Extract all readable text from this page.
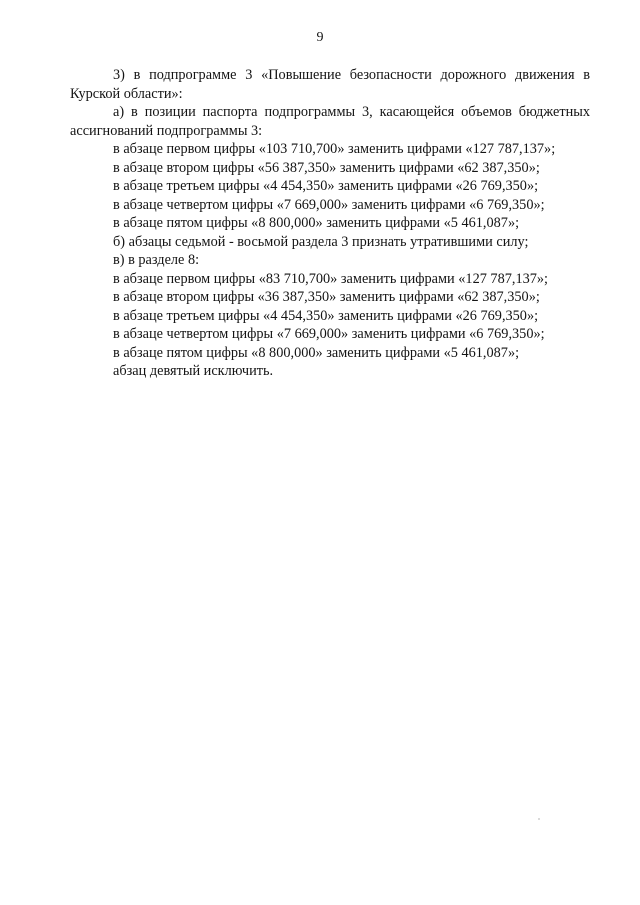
9
3) в подпрограмме 3 «Повышение безопасности дорожного движения в
Курской области»:
а) в позиции паспорта подпрограммы 3, касающейся объемов бюджетных
ассигнований подпрограммы 3:
в абзаце первом цифры «103 710,700» заменить цифрами «127 787,137»;
в абзаце втором цифры «56 387,350» заменить цифрами «62 387,350»;
в абзаце третьем цифры «4 454,350» заменить цифрами «26 769,350»;
в абзаце четвертом цифры «7 669,000» заменить цифрами «6 769,350»;
в абзаце пятом цифры «8 800,000» заменить цифрами «5 461,087»;
б) абзацы седьмой - восьмой раздела 3 признать утратившими силу;
в) в разделе 8:
в абзаце первом цифры «83 710,700» заменить цифрами «127 787,137»;
в абзаце втором цифры «36 387,350» заменить цифрами «62 387,350»;
в абзаце третьем цифры «4 454,350» заменить цифрами «26 769,350»;
в абзаце четвертом цифры «7 669,000» заменить цифрами «6 769,350»;
в абзаце пятом цифры «8 800,000» заменить цифрами «5 461,087»;
абзац девятый исключить.
